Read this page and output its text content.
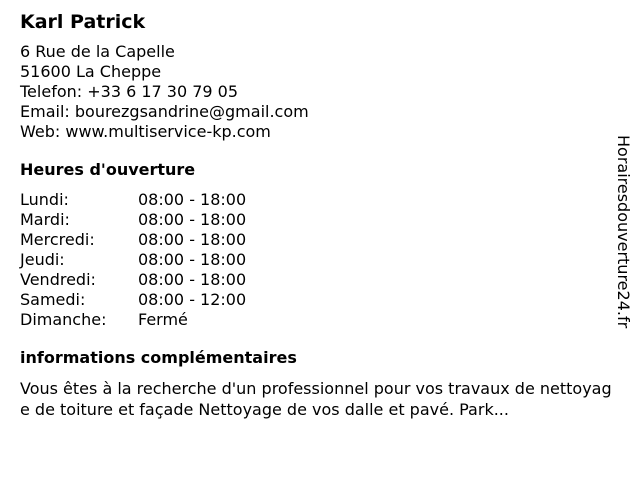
Karl Patrick
6 Rue de la Capelle
51600 La Cheppe
Telefon: +33 6 17 30 79 05
Email: bourezgsandrine@gmail.com
Web: www.multiservice-kp.com
Heures d'ouverture
Lundi:	08:00 - 18:00
Mardi:	08:00 - 18:00
Mercredi:	08:00 - 18:00
Jeudi:	08:00 - 18:00
Vendredi:	08:00 - 18:00
Samedi:	08:00 - 12:00
Dimanche:	Fermé
informations complémentaires
Vous êtes à la recherche d'un professionnel pour vos travaux de nettoyage de toiture et façade Nettoyage de vos dalle et pavé. Park...
Horairesdouverture24.fr
